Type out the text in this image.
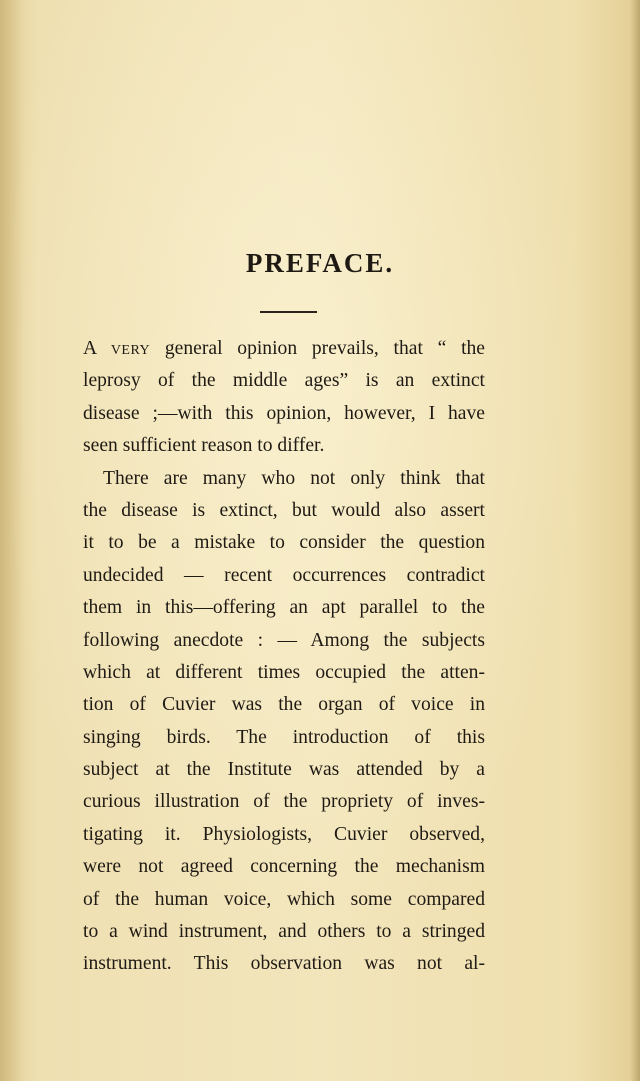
PREFACE.
A very general opinion prevails, that “ the
leprosy of the middle ages” is an extinct
disease ;—with this opinion, however, I have
seen sufficient reason to differ.
There are many who not only think that
the disease is extinct, but would also assert
it to be a mistake to consider the question
undecided — recent occurrences contradict
them in this—offering an apt parallel to the
following anecdote : — Among the subjects
which at different times occupied the atten-
tion of Cuvier was the organ of voice in
singing birds. The introduction of this
subject at the Institute was attended by a
curious illustration of the propriety of inves-
tigating it. Physiologists, Cuvier observed,
were not agreed concerning the mechanism
of the human voice, which some compared
to a wind instrument, and others to a stringed
instrument. This observation was not al-
